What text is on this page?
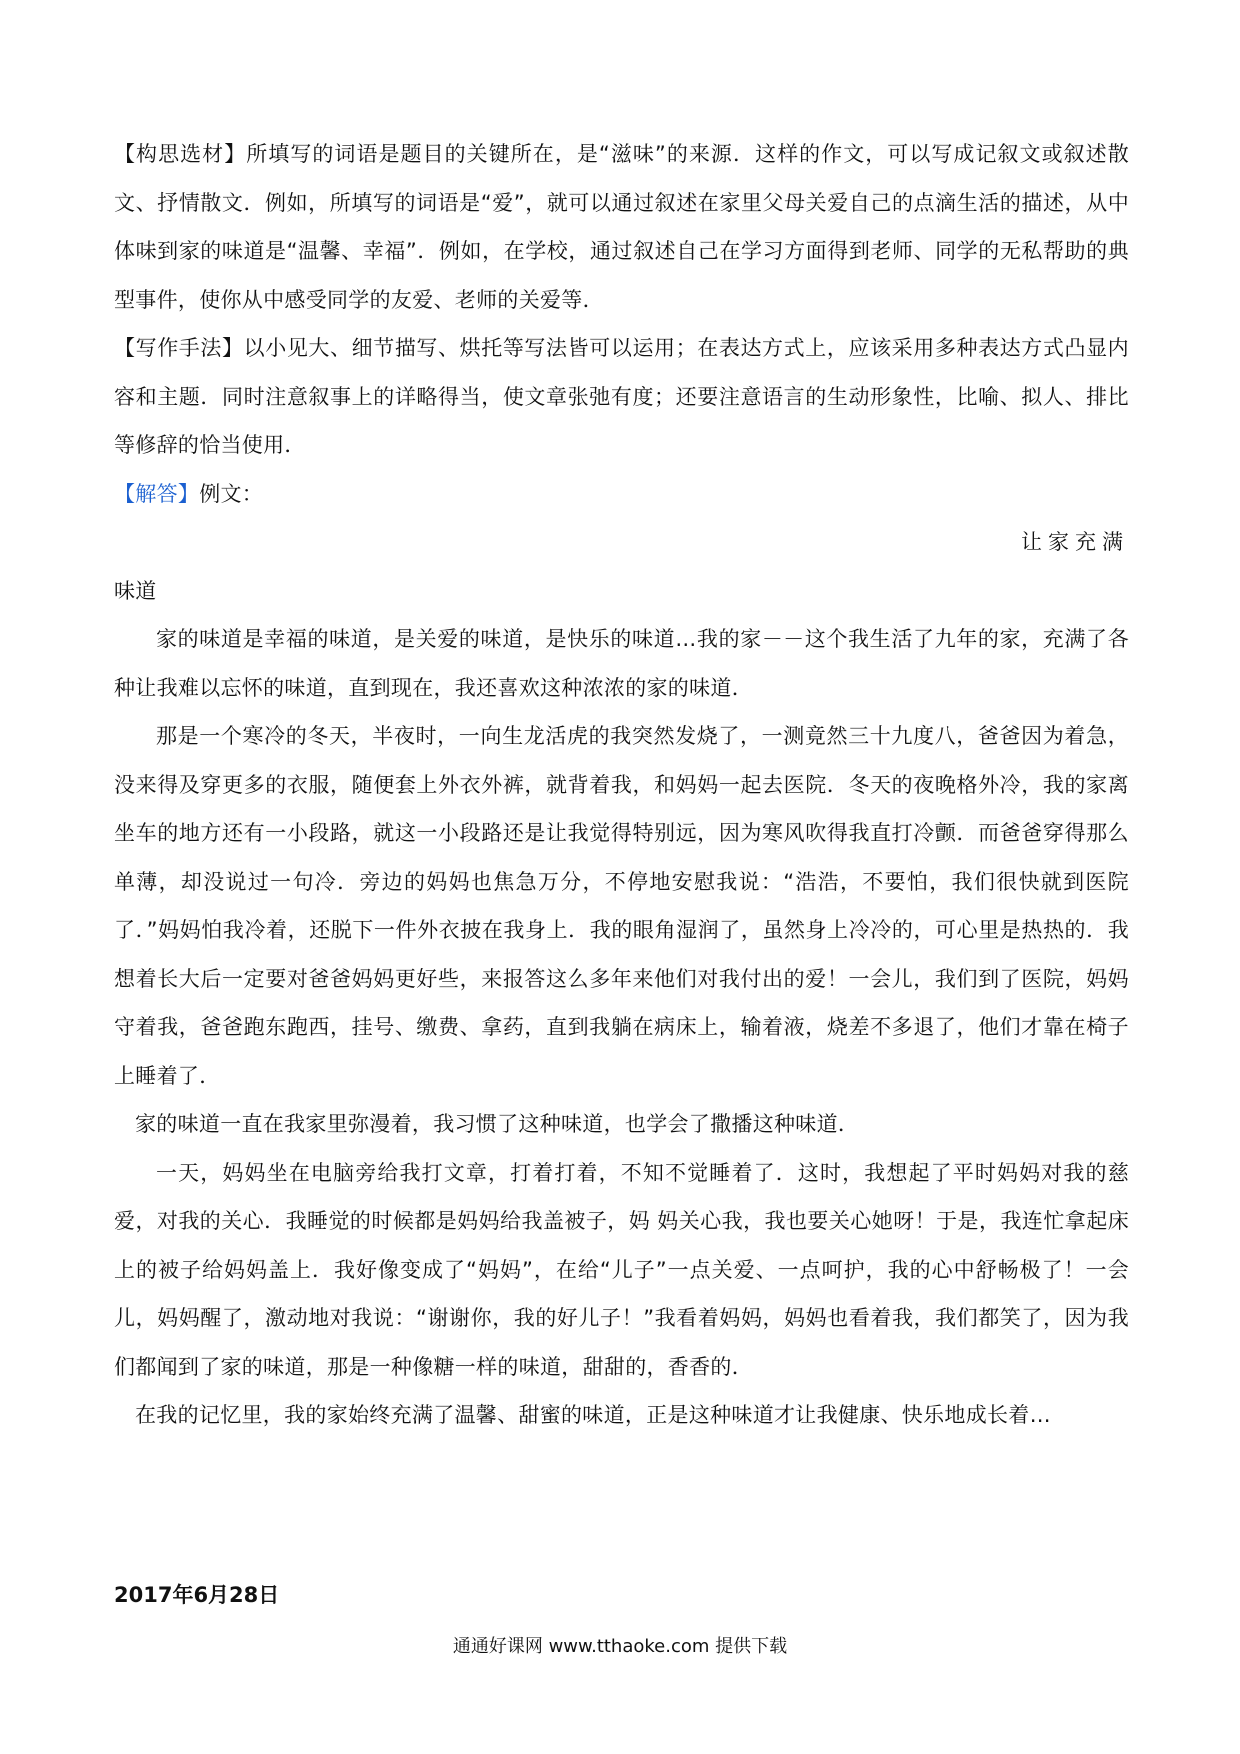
【构思选材】所填写的词语是题目的关键所在，是“滋味”的来源．这样的作文，可以写成记叙文或叙述散文、抒情散文．例如，所填写的词语是“爱”，就可以通过叙述在家里父母关爱自己的点滴生活的描述，从中体味到家的味道是“温馨、幸福”．例如，在学校，通过叙述自己在学习方面得到老师、同学的无私帮助的典型事件，使你从中感受同学的友爱、老师的关爱等．

【写作手法】以小见大、细节描写、烘托等写法皆可以运用；在表达方式上，应该采用多种表达方式凸显内容和主题．同时注意叙事上的详略得当，使文章张弛有度；还要注意语言的生动形象性，比喻、拟人、排比等修辞的恰当使用．

【解答】例文：

让家充满

味道

家的味道是幸福的味道，是关爱的味道，是快乐的味道…我的家－－这个我生活了九年的家，充满了各种让我难以忘怀的味道，直到现在，我还喜欢这种浓浓的家的味道．

那是一个寒冷的冬天，半夜时，一向生龙活虎的我突然发烧了，一测竟然三十九度八，爸爸因为着急，没来得及穿更多的衣服，随便套上外衣外裤，就背着我，和妈妈一起去医院．冬天的夜晚格外冷，我的家离坐车的地方还有一小段路，就这一小段路还是让我觉得特别远，因为寒风吹得我直打冷颤．而爸爸穿得那么单薄，却没说过一句冷．旁边的妈妈也焦急万分，不停地安慰我说：“浩浩，不要怕，我们很快就到医院了．”妈妈怕我冷着，还脱下一件外衣披在我身上．我的眼角湿润了，虽然身上冷冷的，可心里是热热的．我想着长大后一定要对爸爸妈妈更好些，来报答这么多年来他们对我付出的爱！一会儿，我们到了医院，妈妈守着我，爸爸跑东跑西，挂号、缴费、拿药，直到我躺在病床上，输着液，烧差不多退了，他们才靠在椅子上睡着了．

家的味道一直在我家里弥漫着，我习惯了这种味道，也学会了撒播这种味道．

一天，妈妈坐在电脑旁给我打文章，打着打着，不知不觉睡着了．这时，我想起了平时妈妈对我的慈爱，对我的关心．我睡觉的时候都是妈妈给我盖被子，妈 妈关心我，我也要关心她呀！于是，我连忙拿起床上的被子给妈妈盖上．我好像变成了“妈妈”，在给“儿子”一点关爱、一点呵护，我的心中舒畅极了！一会儿，妈妈醒了，激动地对我说：“谢谢你，我的好儿子！”我看着妈妈，妈妈也看着我，我们都笑了，因为我们都闻到了家的味道，那是一种像糖一样的味道，甜甜的，香香的．

在我的记忆里，我的家始终充满了温馨、甜蜜的味道，正是这种味道才让我健康、快乐地成长着…

2017年6月28日
通通好课网 www.tthaoke.com 提供下载
